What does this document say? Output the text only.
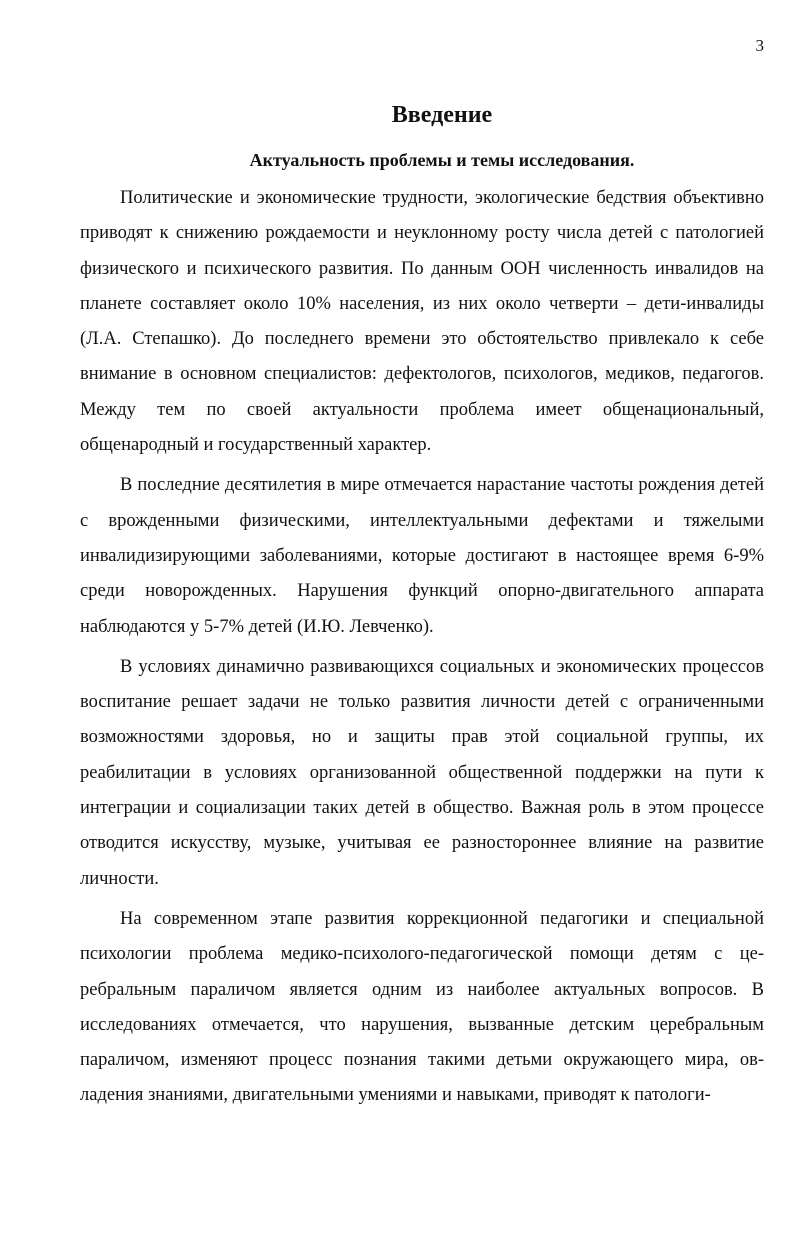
3
Введение
Актуальность проблемы и темы исследования.

Политические и экономические трудности, экологические бедствия объективно приводят к снижению рождаемости и неуклонному росту числа детей с патологией физического и психического развития. По данным ООН численность инвалидов на планете составляет около 10% населения, из них около четверти – дети-инвалиды (Л.А. Степашко). До последнего времени это обстоятельство привлекало к себе внимание в основном специалистов: дефектологов, психологов, медиков, педагогов. Между тем по своей актуальности проблема имеет общенациональный, общенародный и государственный характер.

В последние десятилетия в мире отмечается нарастание частоты рождения детей с врожденными физическими, интеллектуальными дефектами и тяжелыми инвалидизирующими заболеваниями, которые достигают в настоящее время 6-9% среди новорожденных. Нарушения функций опорно-двигательного аппарата наблюдаются у 5-7% детей (И.Ю. Левченко).

В условиях динамично развивающихся социальных и экономических процессов воспитание решает задачи не только развития личности детей с ограниченными возможностями здоровья, но и защиты прав этой социальной группы, их реабилитации в условиях организованной общественной поддержки на пути к интеграции и социализации таких детей в общество. Важная роль в этом процессе отводится искусству, музыке, учитывая ее разностороннее влияние на развитие личности.

На современном этапе развития коррекционной педагогики и специальной психологии проблема медико-психолого-педагогической помощи детям с церебральным параличом является одним из наиболее актуальных вопросов. В исследованиях отмечается, что нарушения, вызванные детским церебральным параличом, изменяют процесс познания такими детьми окружающего мира, овладения знаниями, двигательными умениями и навыками, приводят к патологи-
